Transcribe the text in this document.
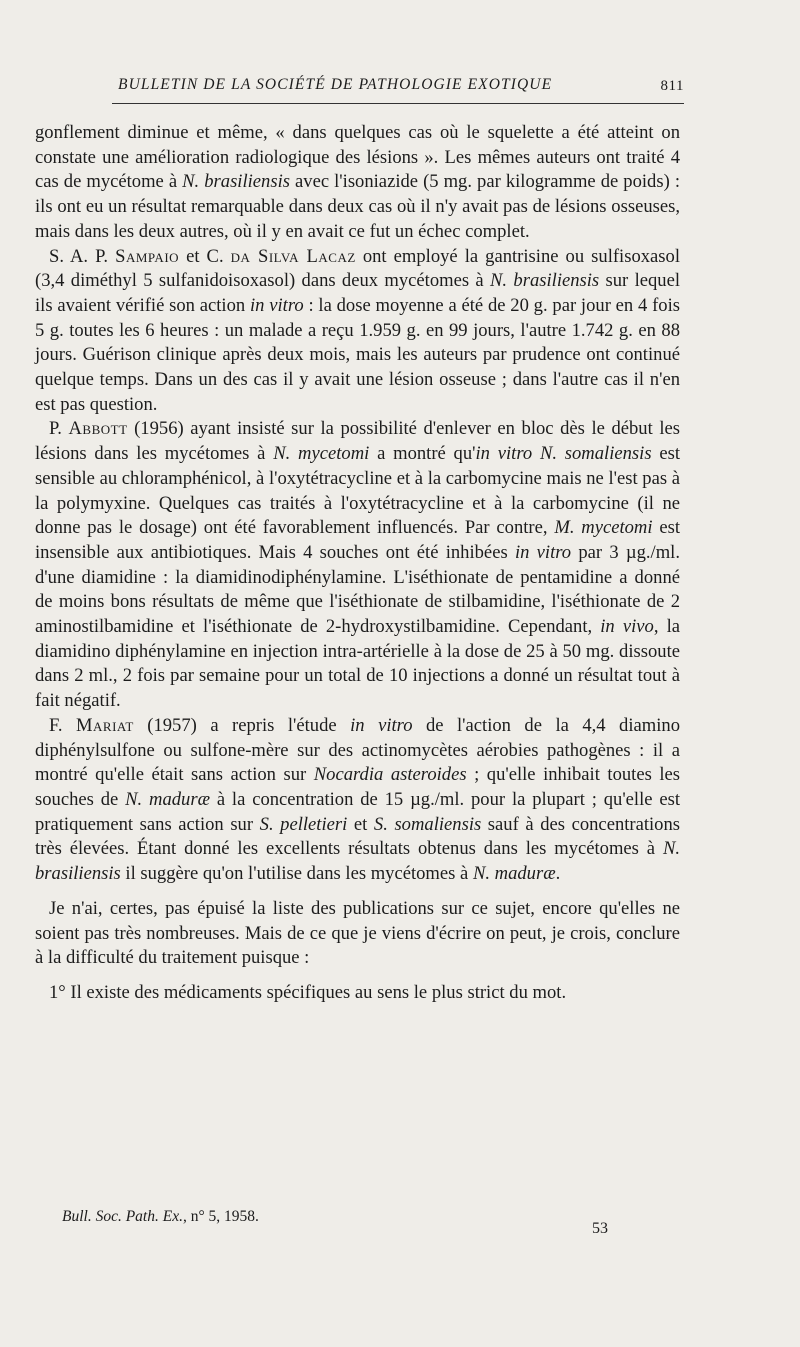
BULLETIN DE LA SOCIÉTÉ DE PATHOLOGIE EXOTIQUE	811

gonflement diminue et même, « dans quelques cas où le squelette a été atteint on constate une amélioration radiologique des lésions ». Les mêmes auteurs ont traité 4 cas de mycétome à N. brasiliensis avec l'isoniazide (5 mg. par kilogramme de poids) : ils ont eu un résultat remarquable dans deux cas où il n'y avait pas de lésions osseuses, mais dans les deux autres, où il y en avait ce fut un échec complet.

S. A. P. Sampaio et C. da Silva Lacaz ont employé la gantrisine ou sulfisoxasol (3,4 diméthyl 5 sulfanidoisoxasol) dans deux mycétomes à N. brasiliensis sur lequel ils avaient vérifié son action in vitro : la dose moyenne a été de 20 g. par jour en 4 fois 5 g. toutes les 6 heures : un malade a reçu 1.959 g. en 99 jours, l'autre 1.742 g. en 88 jours. Guérison clinique après deux mois, mais les auteurs par prudence ont continué quelque temps. Dans un des cas il y avait une lésion osseuse ; dans l'autre cas il n'en est pas question.

P. Abbott (1956) ayant insisté sur la possibilité d'enlever en bloc dès le début les lésions dans les mycétomes à N. mycetomi a montré qu'in vitro N. somaliensis est sensible au chloramphénicol, à l'oxytétracycline et à la carbomycine mais ne l'est pas à la polymyxine. Quelques cas traités à l'oxytétracycline et à la carbomycine (il ne donne pas le dosage) ont été favorablement influencés. Par contre, M. mycetomi est insensible aux antibiotiques. Mais 4 souches ont été inhibées in vitro par 3 µg./ml. d'une diamidine : la diamidinodiphénylamine. L'iséthionate de pentamidine a donné de moins bons résultats de même que l'iséthionate de stilbamidine, l'iséthionate de 2 aminostilbamidine et l'iséthionate de 2-hydroxystilbamidine. Cependant, in vivo, la diamidino diphénylamine en injection intra-artérielle à la dose de 25 à 50 mg. dissoute dans 2 ml., 2 fois par semaine pour un total de 10 injections a donné un résultat tout à fait négatif.

F. Mariat (1957) a repris l'étude in vitro de l'action de la 4,4 diamino diphénylsulfone ou sulfone-mère sur des actinomycètes aérobies pathogènes : il a montré qu'elle était sans action sur Nocardia asteroides ; qu'elle inhibait toutes les souches de N. maduræ à la concentration de 15 µg./ml. pour la plupart ; qu'elle est pratiquement sans action sur S. pelletieri et S. somaliensis sauf à des concentrations très élevées. Étant donné les excellents résultats obtenus dans les mycétomes à N. brasiliensis il suggère qu'on l'utilise dans les mycétomes à N. maduræ.

Je n'ai, certes, pas épuisé la liste des publications sur ce sujet, encore qu'elles ne soient pas très nombreuses. Mais de ce que je viens d'écrire on peut, je crois, conclure à la difficulté du traitement puisque :

1° Il existe des médicaments spécifiques au sens le plus strict du mot.

Bull. Soc. Path. Ex., n° 5, 1958.
53
